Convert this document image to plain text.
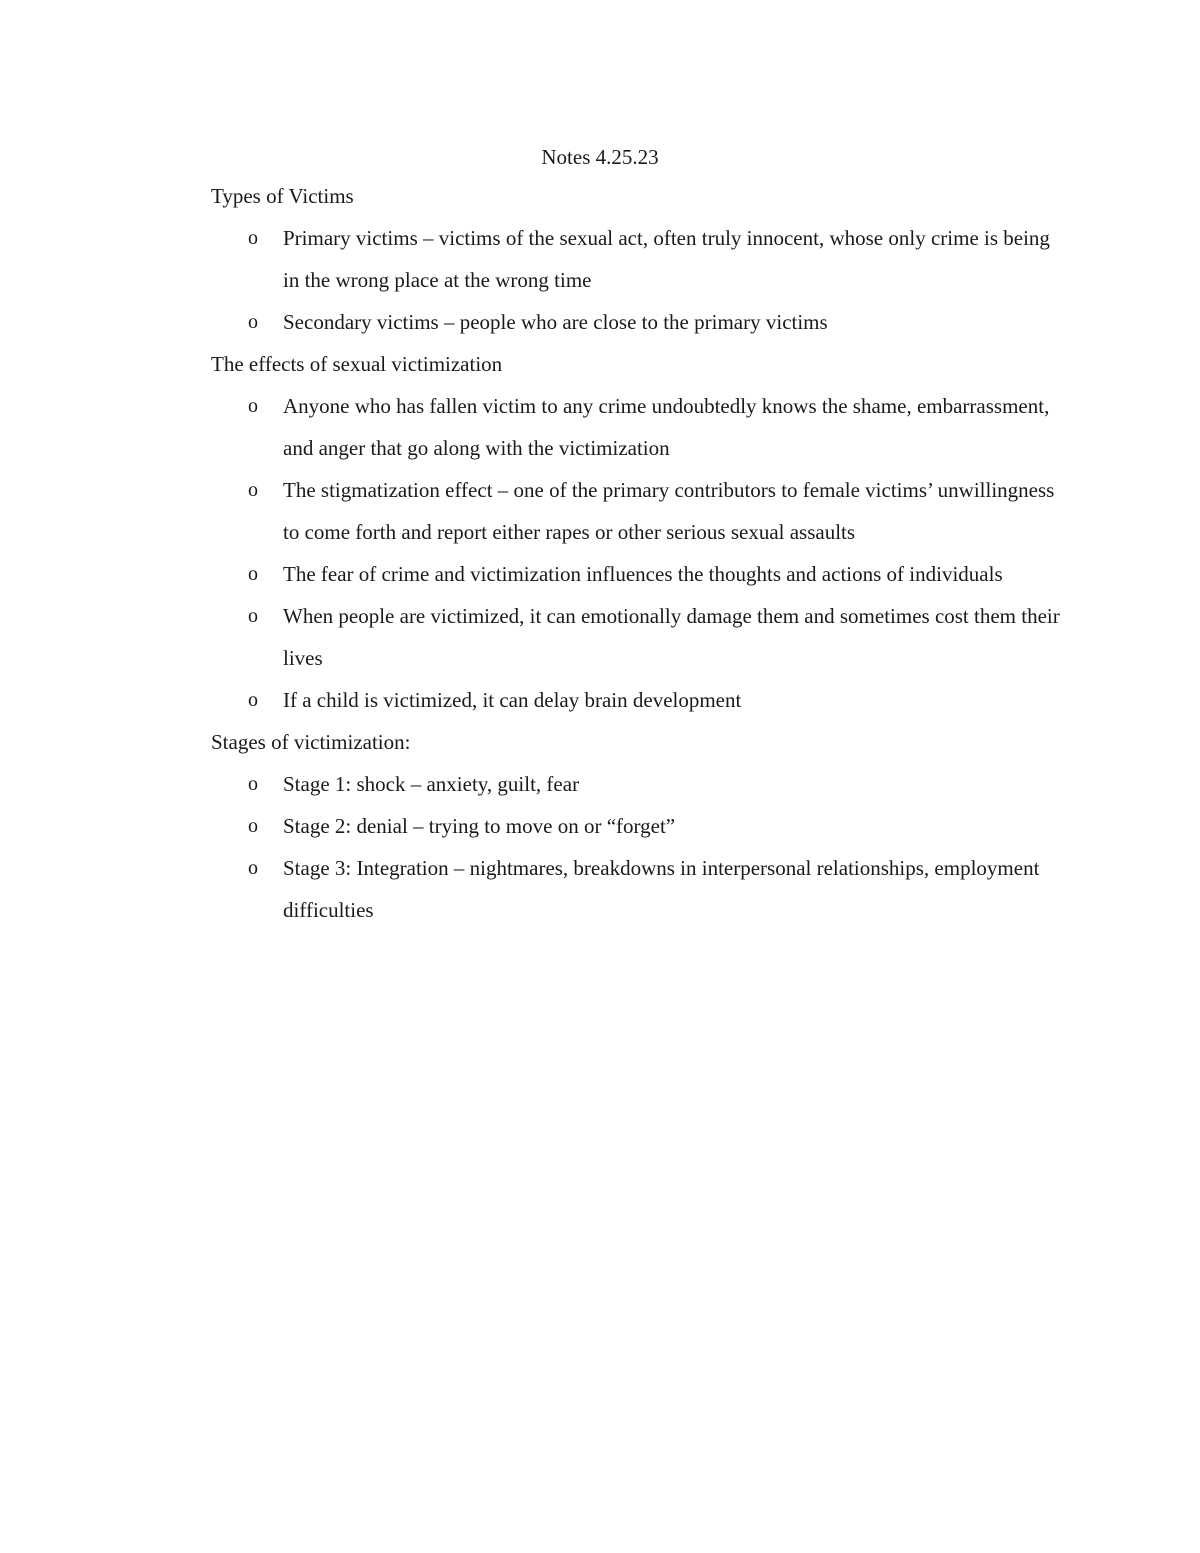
Notes 4.25.23
Types of Victims
o Primary victims – victims of the sexual act, often truly innocent, whose only crime is being in the wrong place at the wrong time
o Secondary victims – people who are close to the primary victims
The effects of sexual victimization
o Anyone who has fallen victim to any crime undoubtedly knows the shame, embarrassment, and anger that go along with the victimization
o The stigmatization effect – one of the primary contributors to female victims’ unwillingness to come forth and report either rapes or other serious sexual assaults
o The fear of crime and victimization influences the thoughts and actions of individuals
o When people are victimized, it can emotionally damage them and sometimes cost them their lives
o If a child is victimized, it can delay brain development
Stages of victimization:
o Stage 1: shock – anxiety, guilt, fear
o Stage 2: denial – trying to move on or “forget”
o Stage 3: Integration – nightmares, breakdowns in interpersonal relationships, employment difficulties
